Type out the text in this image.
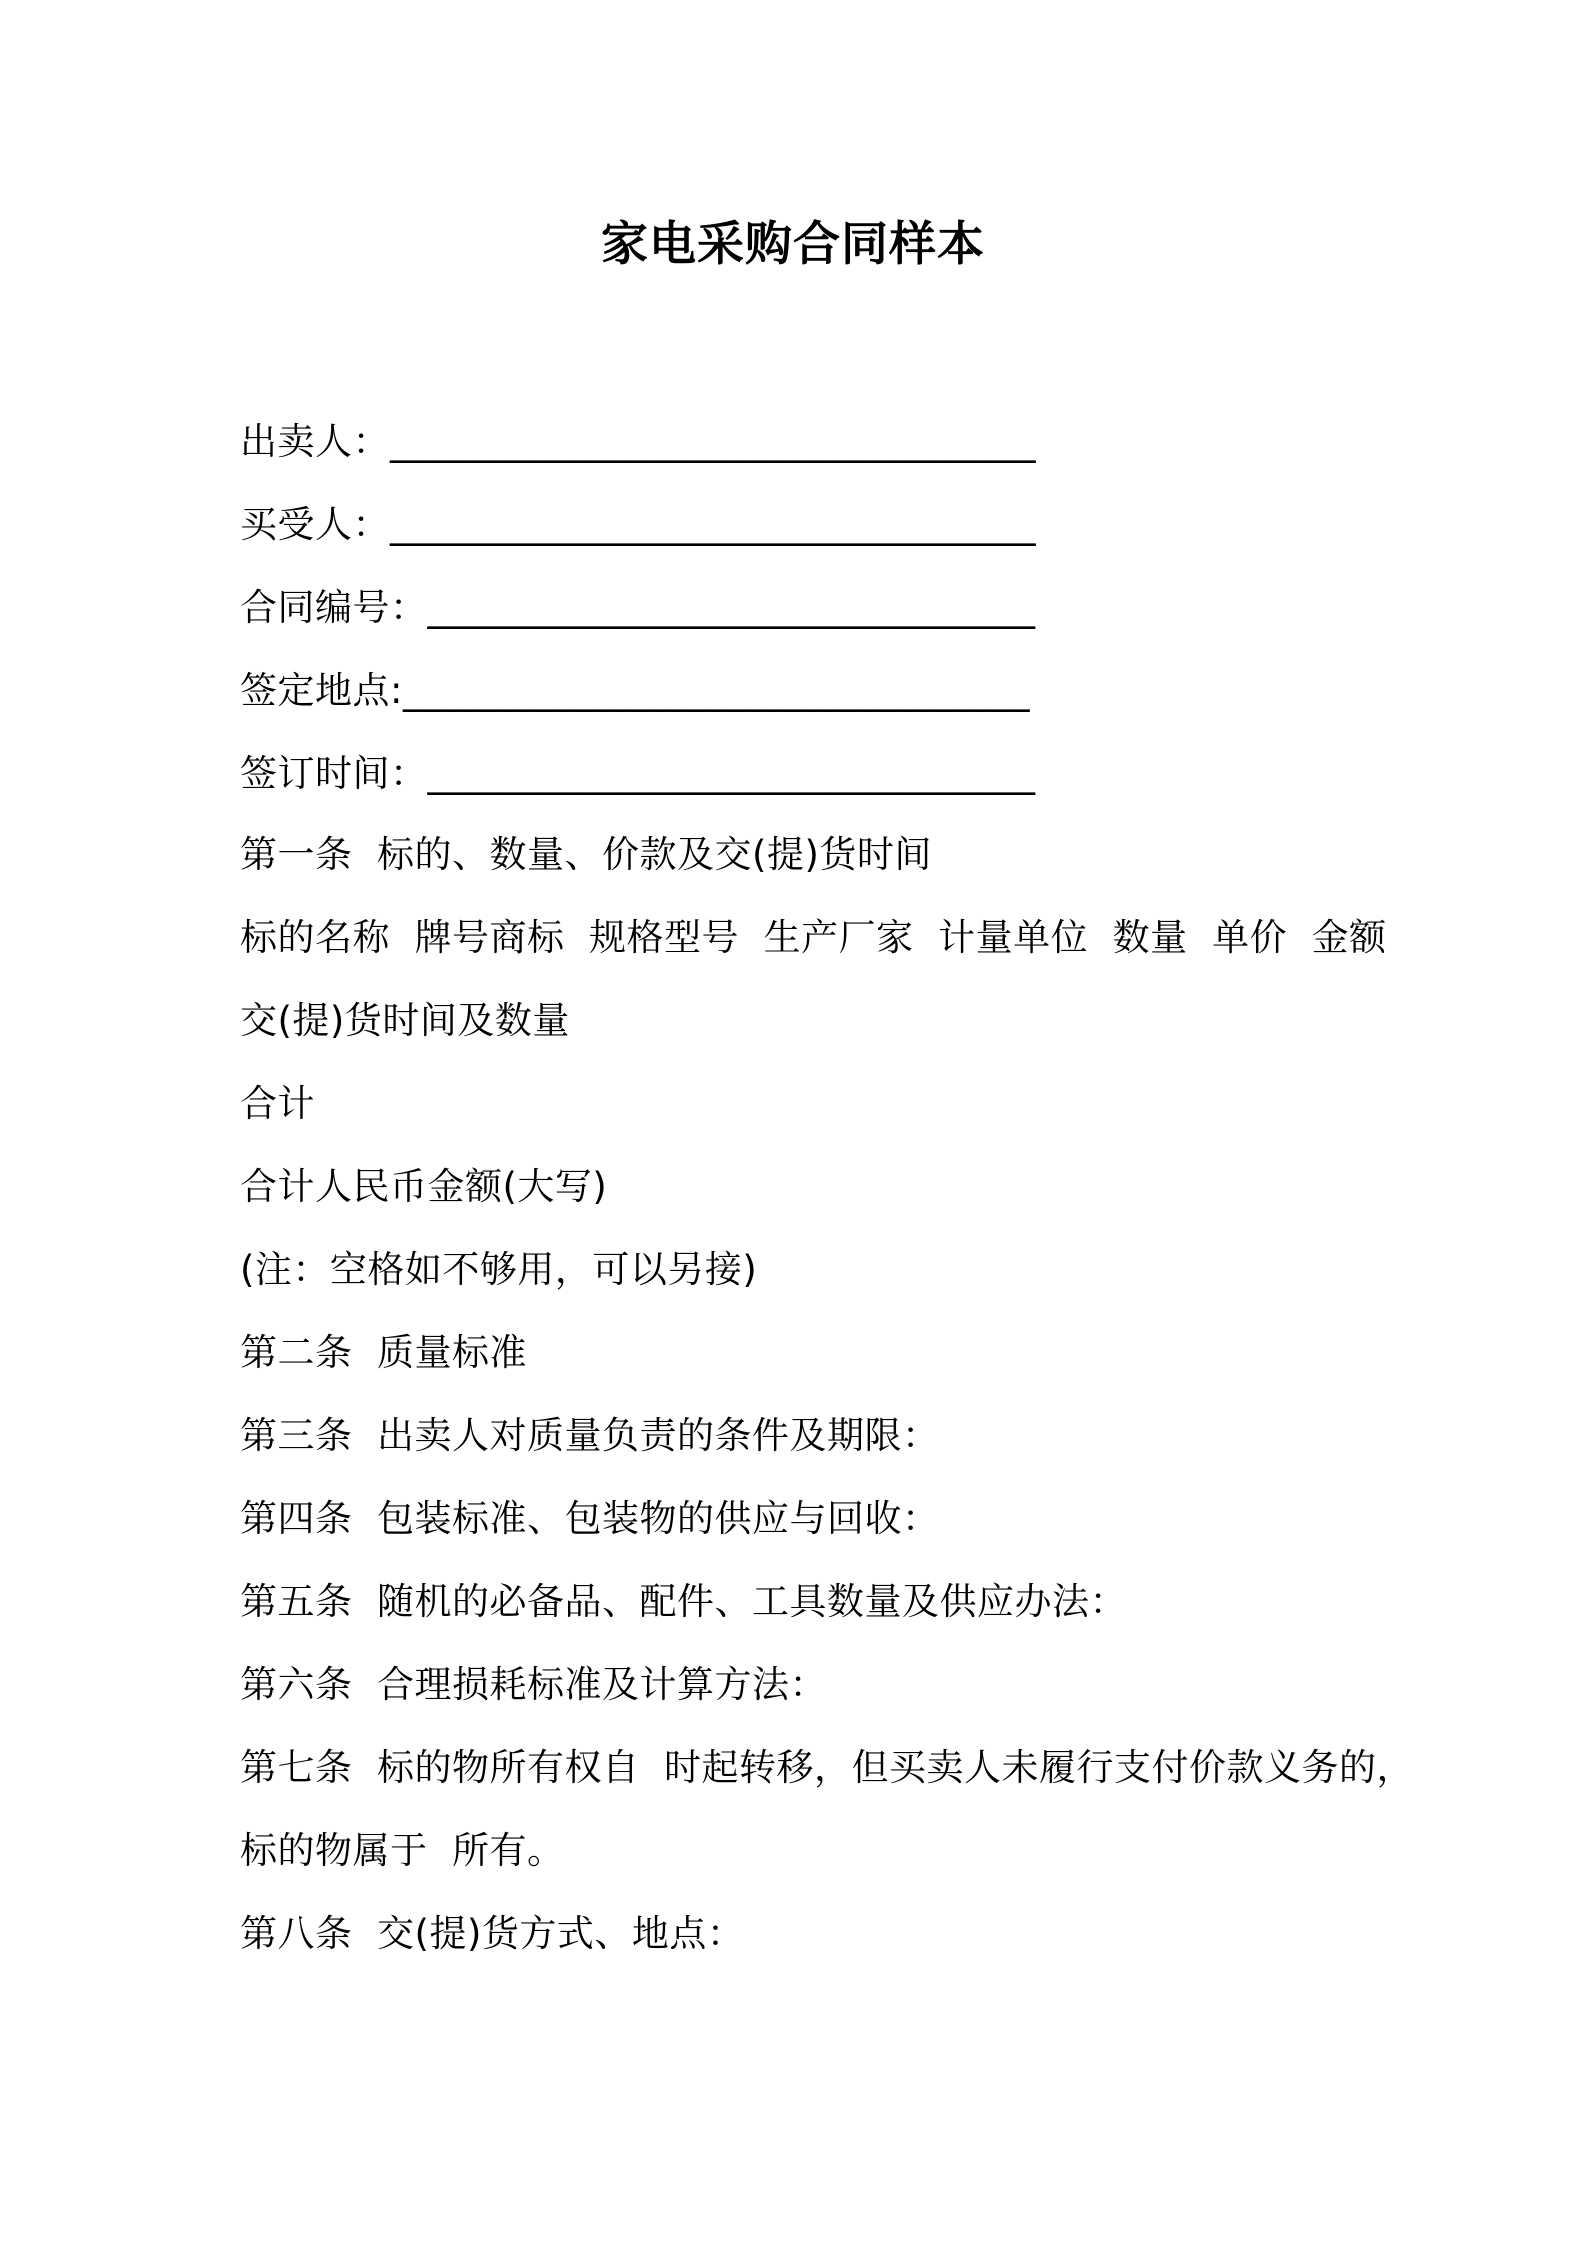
家电采购合同样本
出卖人：__________________________________
买受人：__________________________________
合同编号：________________________________
签定地点:_________________________________
签订时间：________________________________
第一条  标的、数量、价款及交(提)货时间
标的名称  牌号商标  规格型号  生产厂家  计量单位  数量  单价  金额
交(提)货时间及数量
合计
合计人民币金额(大写)
(注：空格如不够用，可以另接)
第二条  质量标准
第三条  出卖人对质量负责的条件及期限：
第四条  包装标准、包装物的供应与回收：
第五条  随机的必备品、配件、工具数量及供应办法：
第六条  合理损耗标准及计算方法：
第七条  标的物所有权自  时起转移，但买卖人未履行支付价款义务的，
标的物属于  所有。
第八条  交(提)货方式、地点：
